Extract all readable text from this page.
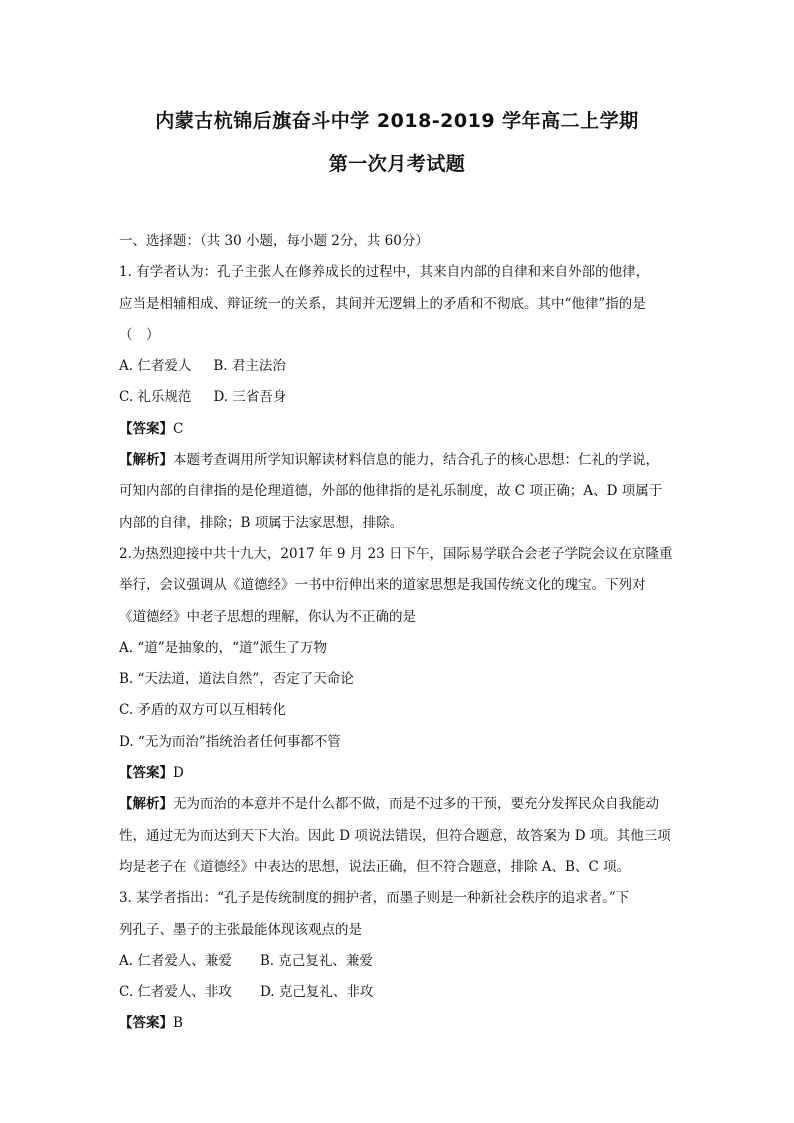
内蒙古杭锦后旗奋斗中学 2018-2019 学年高二上学期
第一次月考试题

一、选择题：（共 30 小题，每小题 2分，共 60分）

1. 有学者认为：孔子主张人在修养成长的过程中，其来自内部的自律和来自外部的他律，

应当是相辅相成、辩证统一的关系，其间并无逻辑上的矛盾和不彻底。其中“他律”指的是

（　）

A. 仁者爱人 B. 君主法治

C. 礼乐规范 D. 三省吾身

【答案】C

【解析】本题考查调用所学知识解读材料信息的能力，结合孔子的核心思想：仁礼的学说，

可知内部的自律指的是伦理道德，外部的他律指的是礼乐制度，故 C 项正确；A、D 项属于

内部的自律，排除；B 项属于法家思想，排除。

2.为热烈迎接中共十九大，2017 年 9 月 23 日下午，国际易学联合会老子学院会议在京隆重

举行，会议强调从《道德经》一书中衍伸出来的道家思想是我国传统文化的瑰宝。下列对

《道德经》中老子思想的理解，你认为不正确的是

A. “道”是抽象的，“道”派生了万物

B. “天法道，道法自然”，否定了天命论

C. 矛盾的双方可以互相转化

D. “无为而治”指统治者任何事都不管

【答案】D

【解析】无为而治的本意并不是什么都不做，而是不过多的干预，要充分发挥民众自我能动

性，通过无为而达到天下大治。因此 D 项说法错误，但符合题意，故答案为 D 项。其他三项

均是老子在《道德经》中表达的思想，说法正确，但不符合题意，排除 A、B、C 项。

3. 某学者指出：“孔子是传统制度的拥护者，而墨子则是一种新社会秩序的追求者。”下

列孔子、墨子的主张最能体现该观点的是

A. 仁者爱人、兼爱 B. 克己复礼、兼爱

C. 仁者爱人、非攻 D. 克己复礼、非攻

【答案】B
